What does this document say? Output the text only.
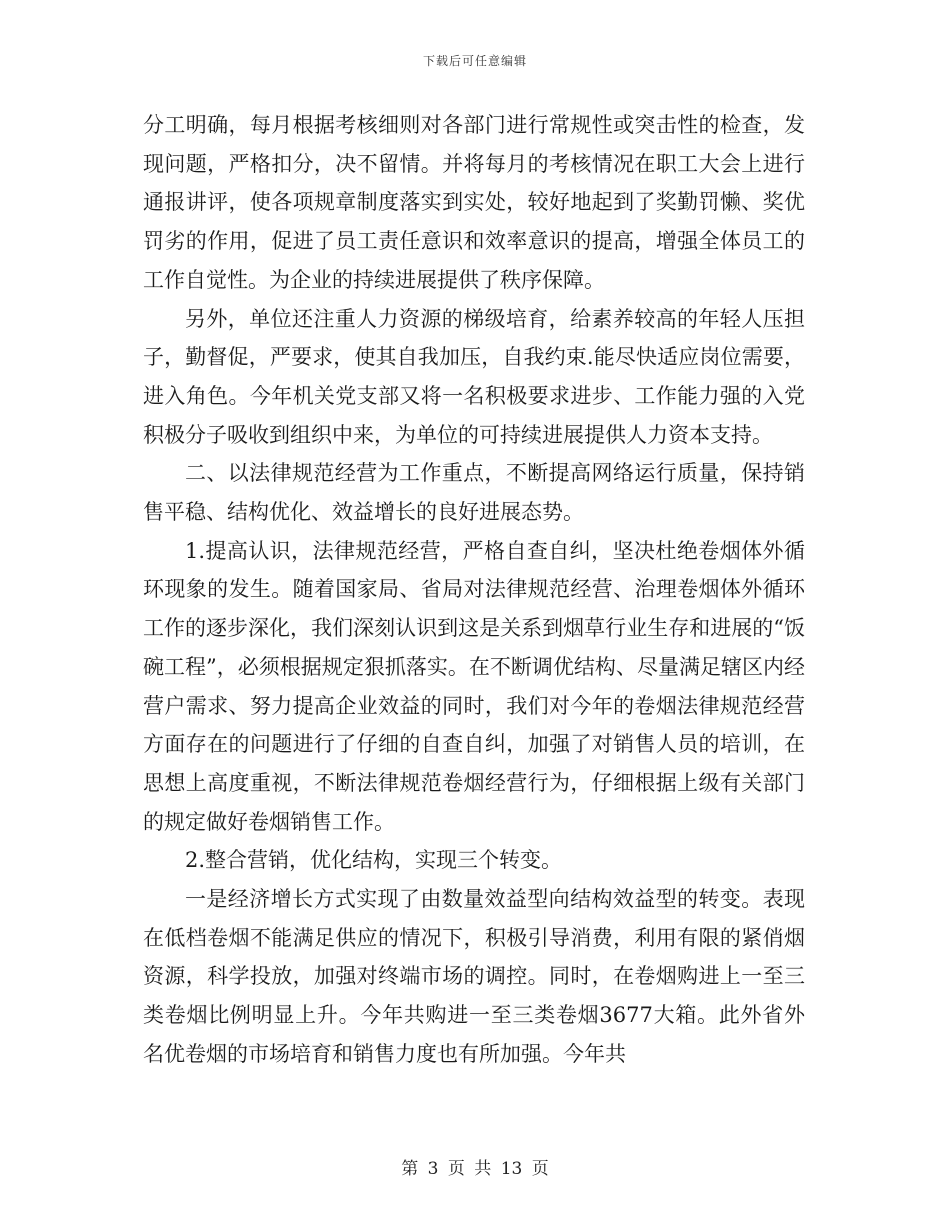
下载后可任意编辑

分工明确，每月根据考核细则对各部门进行常规性或突击性的检查，发现问题，严格扣分，决不留情。并将每月的考核情况在职工大会上进行通报讲评，使各项规章制度落实到实处，较好地起到了奖勤罚懒、奖优罚劣的作用，促进了员工责任意识和效率意识的提高，增强全体员工的工作自觉性。为企业的持续进展提供了秩序保障。

另外，单位还注重人力资源的梯级培育，给素养较高的年轻人压担子，勤督促，严要求，使其自我加压，自我约束.能尽快适应岗位需要，进入角色。今年机关党支部又将一名积极要求进步、工作能力强的入党积极分子吸收到组织中来，为单位的可持续进展提供人力资本支持。

二、以法律规范经营为工作重点，不断提高网络运行质量，保持销售平稳、结构优化、效益增长的良好进展态势。

1.提高认识，法律规范经营，严格自查自纠，坚决杜绝卷烟体外循环现象的发生。随着国家局、省局对法律规范经营、治理卷烟体外循环工作的逐步深化，我们深刻认识到这是关系到烟草行业生存和进展的“饭碗工程”，必须根据规定狠抓落实。在不断调优结构、尽量满足辖区内经营户需求、努力提高企业效益的同时，我们对今年的卷烟法律规范经营方面存在的问题进行了仔细的自查自纠，加强了对销售人员的培训，在思想上高度重视，不断法律规范卷烟经营行为，仔细根据上级有关部门的规定做好卷烟销售工作。

2.整合营销，优化结构，实现三个转变。

一是经济增长方式实现了由数量效益型向结构效益型的转变。表现在低档卷烟不能满足供应的情况下，积极引导消费，利用有限的紧俏烟资源，科学投放，加强对终端市场的调控。同时，在卷烟购进上一至三类卷烟比例明显上升。今年共购进一至三类卷烟3677大箱。此外省外名优卷烟的市场培育和销售力度也有所加强。今年共

第 3 页 共 13 页
